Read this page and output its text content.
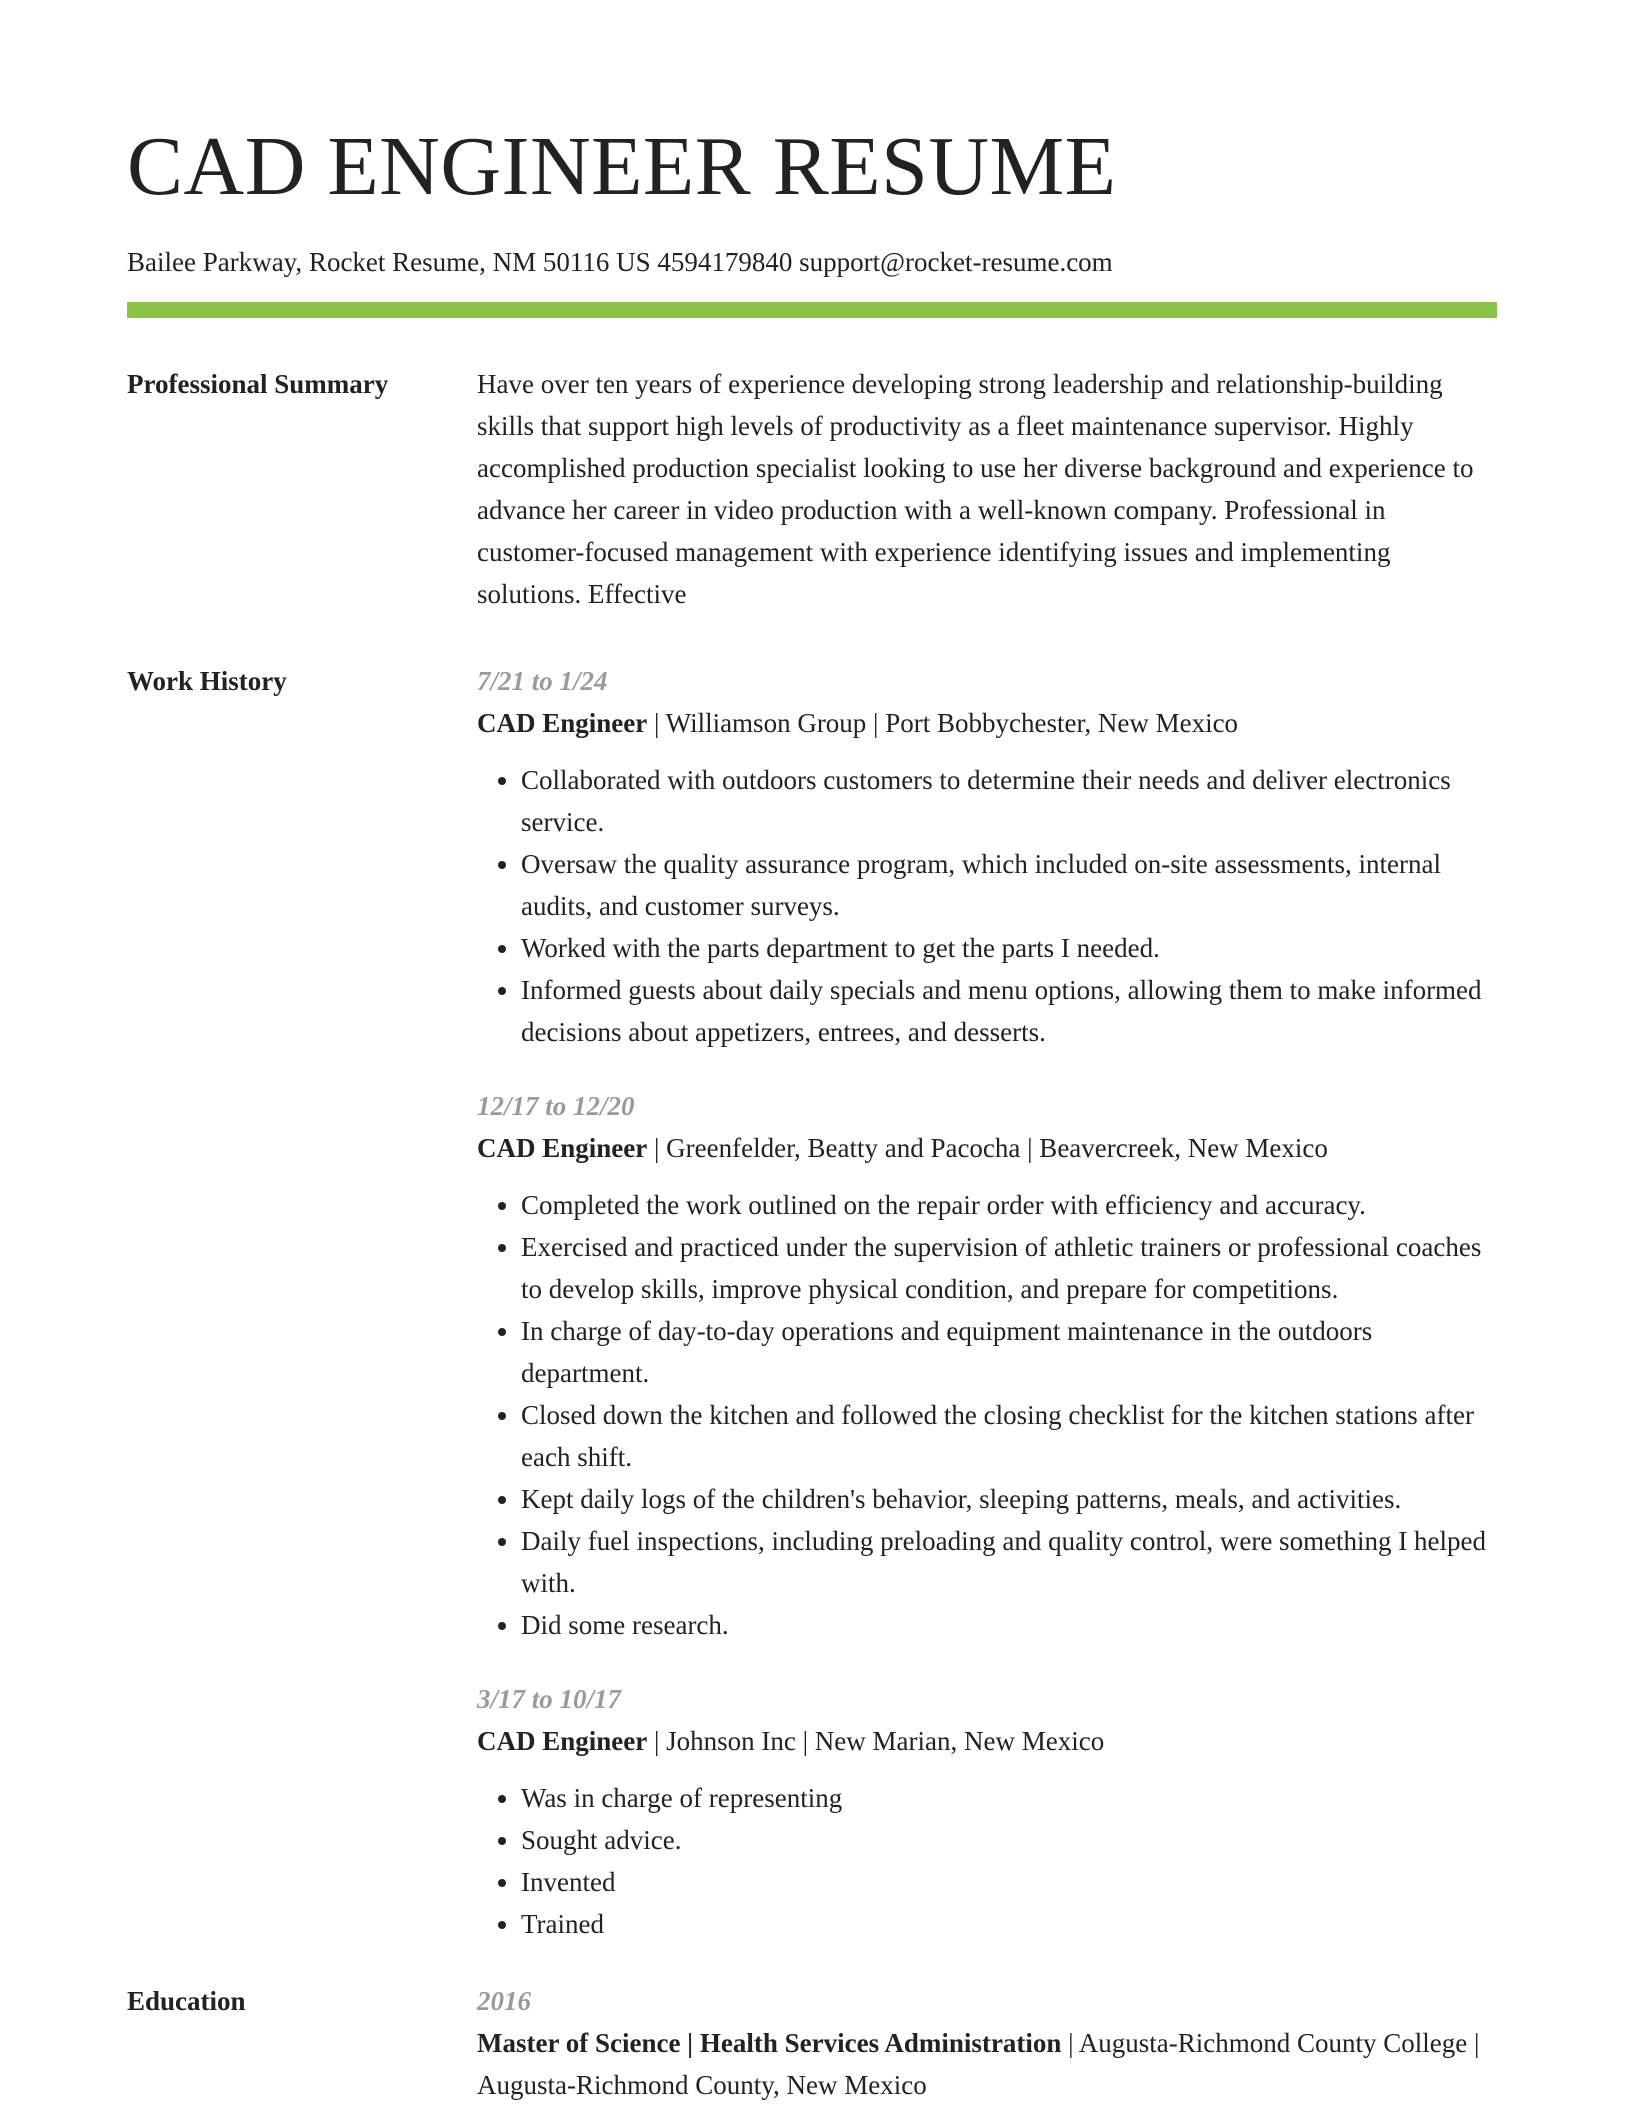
CAD ENGINEER RESUME
Bailee Parkway, Rocket Resume, NM 50116 US 4594179840 support@rocket-resume.com
Professional Summary	Have over ten years of experience developing strong leadership and relationship-building skills that support high levels of productivity as a fleet maintenance supervisor. Highly accomplished production specialist looking to use her diverse background and experience to advance her career in video production with a well-known company. Professional in customer-focused management with experience identifying issues and implementing solutions. Effective

Work History	7/21 to 1/24

CAD Engineer | Williamson Group | Port Bobbychester, New Mexico

• Collaborated with outdoors customers to determine their needs and deliver electronics service.
• Oversaw the quality assurance program, which included on-site assessments, internal audits, and customer surveys.
• Worked with the parts department to get the parts I needed.
• Informed guests about daily specials and menu options, allowing them to make informed decisions about appetizers, entrees, and desserts.
12/17 to 12/20

CAD Engineer | Greenfelder, Beatty and Pacocha | Beavercreek, New Mexico

• Completed the work outlined on the repair order with efficiency and accuracy.
• Exercised and practiced under the supervision of athletic trainers or professional coaches to develop skills, improve physical condition, and prepare for competitions.
• In charge of day-to-day operations and equipment maintenance in the outdoors department.
• Closed down the kitchen and followed the closing checklist for the kitchen stations after each shift.
• Kept daily logs of the children's behavior, sleeping patterns, meals, and activities.
• Daily fuel inspections, including preloading and quality control, were something I helped with.
• Did some research.
3/17 to 10/17

CAD Engineer | Johnson Inc | New Marian, New Mexico

• Was in charge of representing
• Sought advice.
• Invented
• Trained
Education	2016

Master of Science | Health Services Administration | Augusta-Richmond County College | Augusta-Richmond County, New Mexico
